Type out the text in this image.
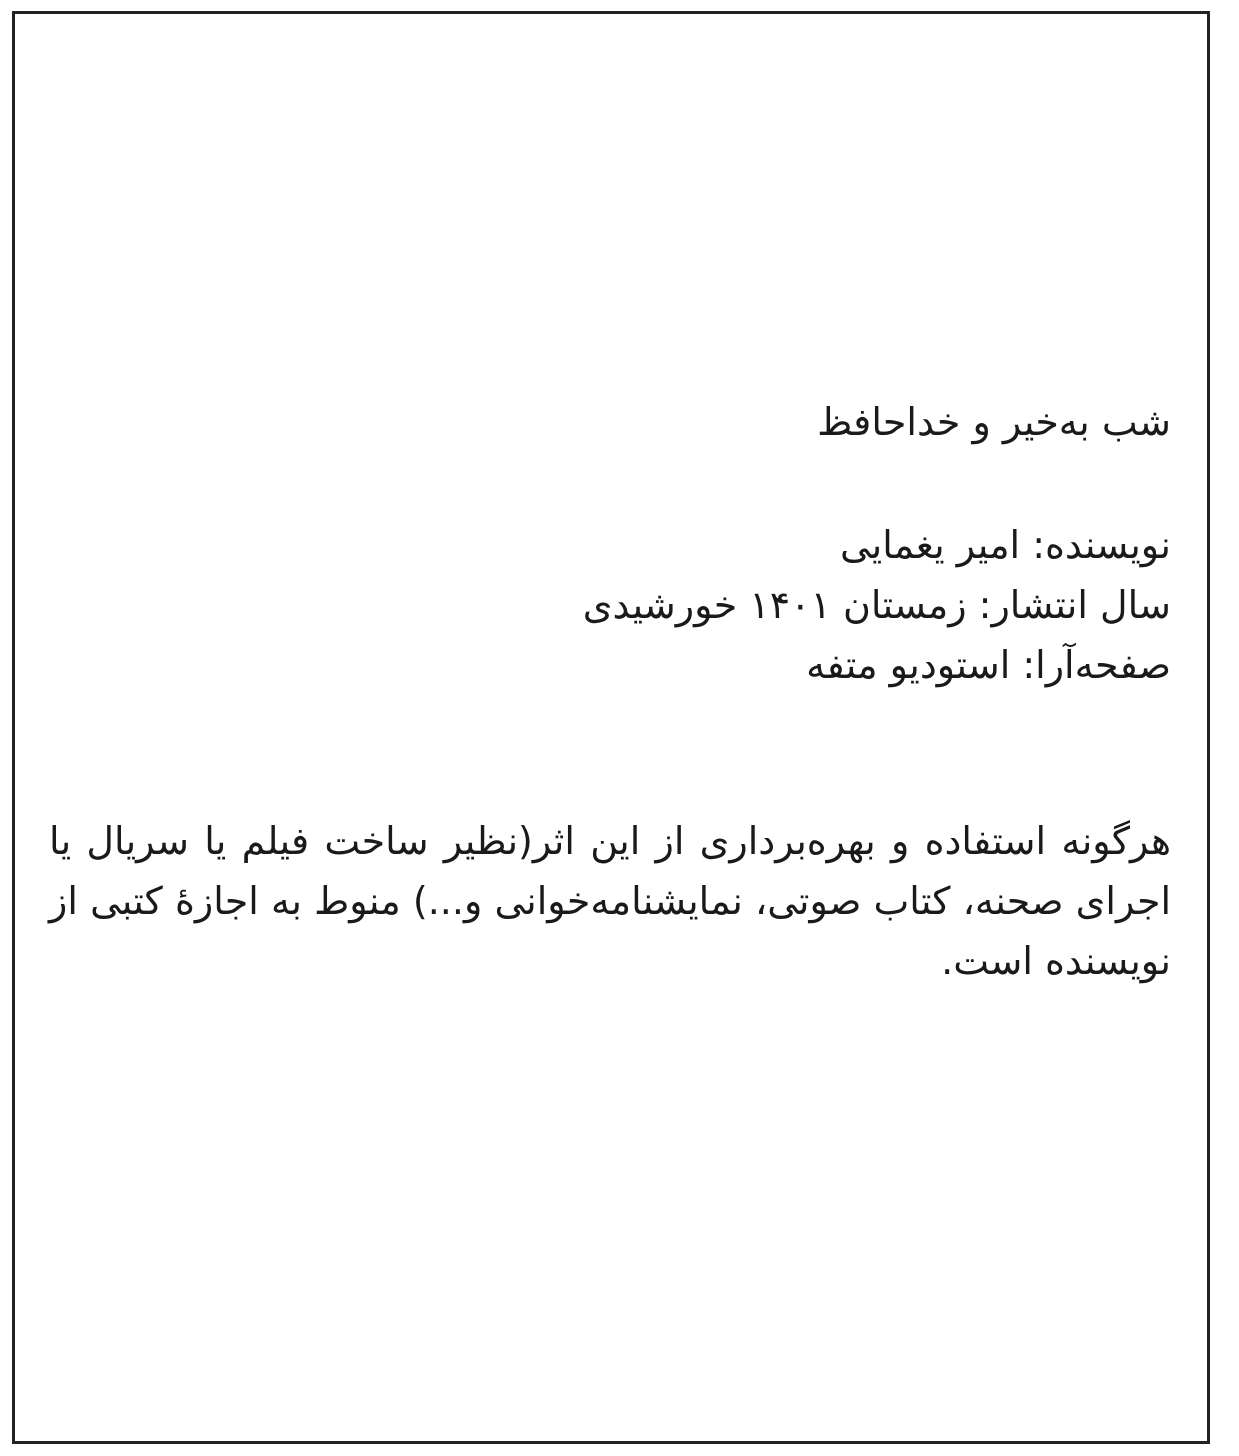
شب به‌خیر و خداحافظ
نویسنده: امیر یغمایی
سال انتشار: زمستان ۱۴۰۱ خورشیدی
صفحه‌آرا: استودیو متفه
هرگونه استفاده و بهره‌برداری از این اثر(نظیر ساخت فیلم یا سریال یا اجرای صحنه، کتاب صوتی، نمایشنامه‌خوانی و...) منوط به اجازهٔ کتبی از نویسنده است.
